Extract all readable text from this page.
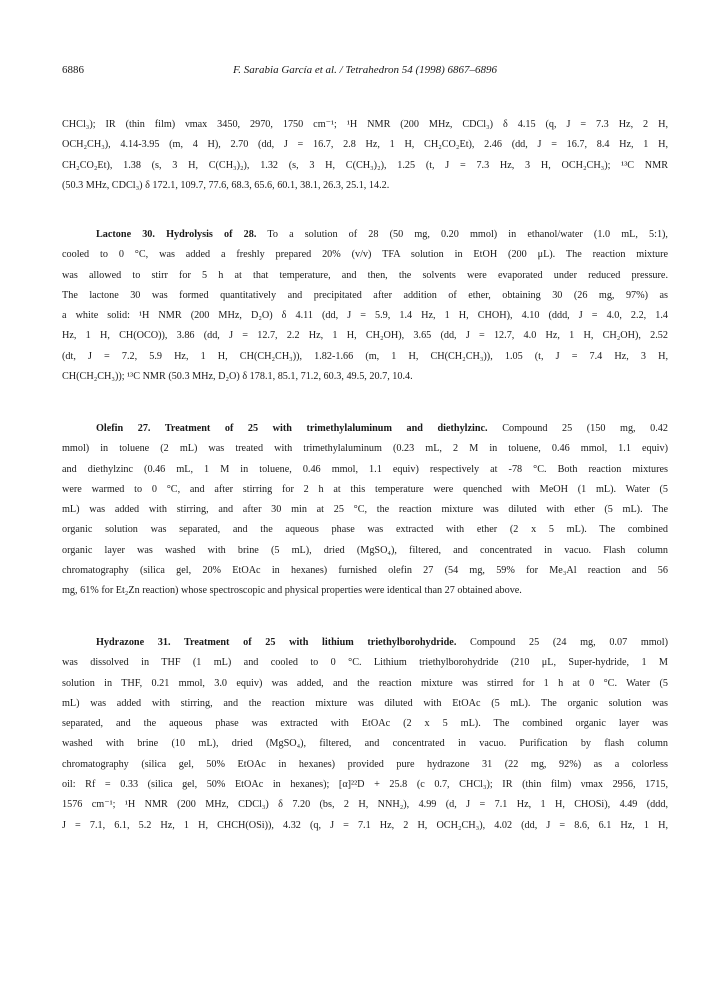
6886	F. Sarabia García et al. / Tetrahedron 54 (1998) 6867–6896
CHCl₃); IR (thin film) νmax 3450, 2970, 1750 cm⁻¹; ¹H NMR (200 MHz, CDCl₃) δ 4.15 (q, J = 7.3 Hz, 2 H,
OCH₂CH₃), 4.14-3.95 (m, 4 H), 2.70 (dd, J = 16.7, 2.8 Hz, 1 H, CH₂CO₂Et), 2.46 (dd, J = 16.7, 8.4 Hz, 1 H,
CH₂CO₂Et), 1.38 (s, 3 H, C(CH₃)₂), 1.32 (s, 3 H, C(CH₃)₂), 1.25 (t, J = 7.3 Hz, 3 H, OCH₂CH₃); ¹³C NMR
(50.3 MHz, CDCl₃) δ 172.1, 109.7, 77.6, 68.3, 65.6, 60.1, 38.1, 26.3, 25.1, 14.2.
Lactone 30. Hydrolysis of 28. To a solution of 28 (50 mg, 0.20 mmol) in ethanol/water (1.0 mL, 5:1),
cooled to 0 °C, was added a freshly prepared 20% (v/v) TFA solution in EtOH (200 μL). The reaction mixture
was allowed to stirr for 5 h at that temperature, and then, the solvents were evaporated under reduced pressure.
The lactone 30 was formed quantitatively and precipitated after addition of ether, obtaining 30 (26 mg, 97%) as
a white solid: ¹H NMR (200 MHz, D₂O) δ 4.11 (dd, J = 5.9, 1.4 Hz, 1 H, CHOH), 4.10 (ddd, J = 4.0, 2.2, 1.4
Hz, 1 H, CH(OCO)), 3.86 (dd, J = 12.7, 2.2 Hz, 1 H, CH₂OH), 3.65 (dd, J = 12.7, 4.0 Hz, 1 H, CH₂OH), 2.52
(dt, J = 7.2, 5.9 Hz, 1 H, CH(CH₂CH₃)), 1.82-1.66 (m, 1 H, CH(CH₂CH₃)), 1.05 (t, J = 7.4 Hz, 3 H,
CH(CH₂CH₃)); ¹³C NMR (50.3 MHz, D₂O) δ 178.1, 85.1, 71.2, 60.3, 49.5, 20.7, 10.4.
Olefin 27. Treatment of 25 with trimethylaluminum and diethylzinc. Compound 25 (150 mg, 0.42
mmol) in toluene (2 mL) was treated with trimethylaluminum (0.23 mL, 2 M in toluene, 0.46 mmol, 1.1 equiv)
and diethylzinc (0.46 mL, 1 M in toluene, 0.46 mmol, 1.1 equiv) respectively at -78 °C. Both reaction mixtures
were warmed to 0 °C, and after stirring for 2 h at this temperature were quenched with MeOH (1 mL). Water (5
mL) was added with stirring, and after 30 min at 25 °C, the reaction mixture was diluted with ether (5 mL). The
organic solution was separated, and the aqueous phase was extracted with ether (2 x 5 mL). The combined
organic layer was washed with brine (5 mL), dried (MgSO₄), filtered, and concentrated in vacuo. Flash column
chromatography (silica gel, 20% EtOAc in hexanes) furnished olefin 27 (54 mg, 59% for Me₃Al reaction and 56
mg, 61% for Et₂Zn reaction) whose spectroscopic and physical properties were identical than 27 obtained above.
Hydrazone 31. Treatment of 25 with lithium triethylborohydride. Compound 25 (24 mg, 0.07 mmol)
was dissolved in THF (1 mL) and cooled to 0 °C. Lithium triethylborohydride (210 μL, Super-hydride, 1 M
solution in THF, 0.21 mmol, 3.0 equiv) was added, and the reaction mixture was stirred for 1 h at 0 °C. Water (5
mL) was added with stirring, and the reaction mixture was diluted with EtOAc (5 mL). The organic solution was
separated, and the aqueous phase was extracted with EtOAc (2 x 5 mL). The combined organic layer was
washed with brine (10 mL), dried (MgSO₄), filtered, and concentrated in vacuo. Purification by flash column
chromatography (silica gel, 50% EtOAc in hexanes) provided pure hydrazone 31 (22 mg, 92%) as a colorless
oil: Rf = 0.33 (silica gel, 50% EtOAc in hexanes); [α]²²D + 25.8 (c 0.7, CHCl₃); IR (thin film) νmax 2956, 1715,
1576 cm⁻¹; ¹H NMR (200 MHz, CDCl₃) δ 7.20 (bs, 2 H, NNH₂), 4.99 (d, J = 7.1 Hz, 1 H, CHOSi), 4.49 (ddd,
J = 7.1, 6.1, 5.2 Hz, 1 H, CHCH(OSi)), 4.32 (q, J = 7.1 Hz, 2 H, OCH₂CH₃), 4.02 (dd, J = 8.6, 6.1 Hz, 1 H,
